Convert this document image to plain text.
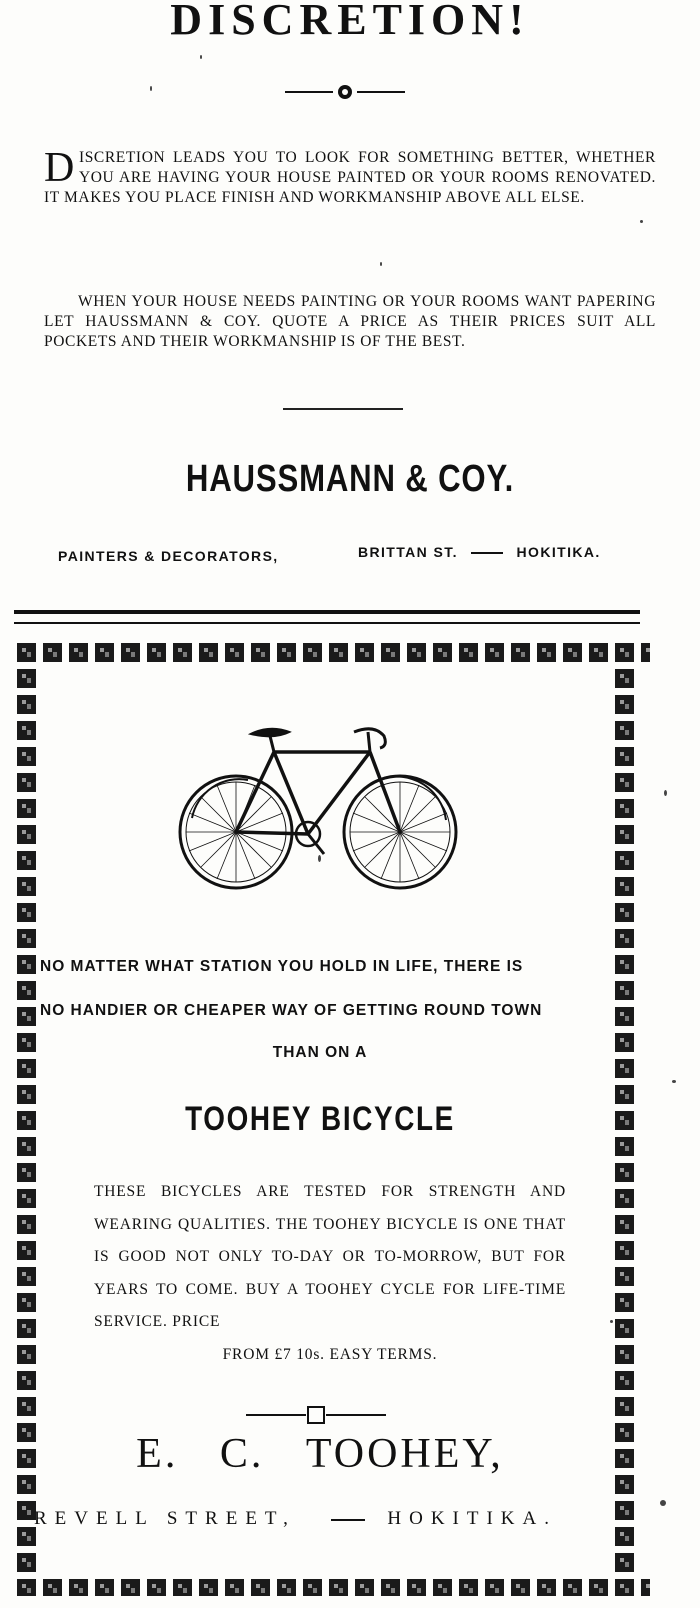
DISCRETION!
D ISCRETION LEADS YOU TO LOOK FOR SOMETHING BETTER, WHETHER YOU ARE HAVING YOUR HOUSE PAINTED OR YOUR ROOMS RENOVATED. IT MAKES YOU PLACE FINISH AND WORKMANSHIP ABOVE ALL ELSE.
WHEN YOUR HOUSE NEEDS PAINTING OR YOUR ROOMS WANT PAPERING LET HAUSSMANN & COY. QUOTE A PRICE AS THEIR PRICES SUIT ALL POCKETS AND THEIR WORKMANSHIP IS OF THE BEST.
HAUSSMANN & COY.
PAINTERS & DECORATORS,	BRITTAN ST.	HOKITIKA.
NO MATTER WHAT STATION YOU HOLD IN LIFE, THERE IS
NO HANDIER OR CHEAPER WAY OF GETTING ROUND TOWN
THAN ON A
TOOHEY BICYCLE
THESE BICYCLES ARE TESTED FOR STRENGTH AND WEARING QUALITIES. THE TOOHEY BICYCLE IS ONE THAT IS GOOD NOT ONLY TO-DAY OR TO-MORROW, BUT FOR YEARS TO COME. BUY A TOOHEY CYCLE FOR LIFE-TIME SERVICE. PRICE
FROM £7 10s. EASY TERMS.
E. C. TOOHEY,
REVELL STREET,	HOKITIKA.
